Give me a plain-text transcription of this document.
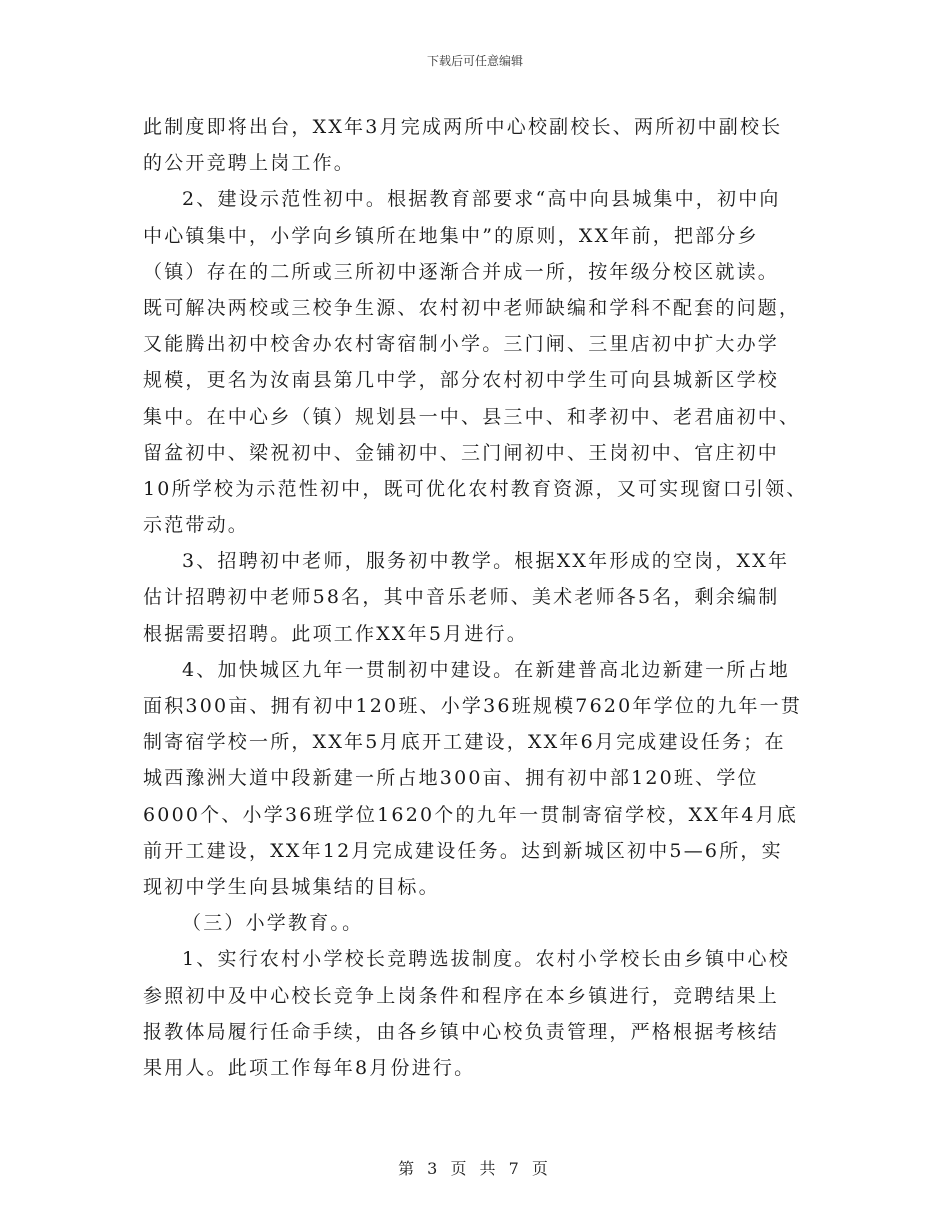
下载后可任意编辑
此制度即将出台，XX年3月完成两所中心校副校长、两所初中副校长
的公开竞聘上岗工作。
2、建设示范性初中。根据教育部要求“高中向县城集中，初中向
中心镇集中，小学向乡镇所在地集中”的原则，XX年前，把部分乡
（镇）存在的二所或三所初中逐渐合并成一所，按年级分校区就读。
既可解决两校或三校争生源、农村初中老师缺编和学科不配套的问题，
又能腾出初中校舍办农村寄宿制小学。三门闸、三里店初中扩大办学
规模，更名为汝南县第几中学，部分农村初中学生可向县城新区学校
集中。在中心乡（镇）规划县一中、县三中、和孝初中、老君庙初中、
留盆初中、梁祝初中、金铺初中、三门闸初中、王岗初中、官庄初中
10所学校为示范性初中，既可优化农村教育资源，又可实现窗口引领、
示范带动。
3、招聘初中老师，服务初中教学。根据XX年形成的空岗，XX年
估计招聘初中老师58名，其中音乐老师、美术老师各5名，剩余编制
根据需要招聘。此项工作XX年5月进行。
4、加快城区九年一贯制初中建设。在新建普高北边新建一所占地
面积300亩、拥有初中120班、小学36班规模7620年学位的九年一贯
制寄宿学校一所，XX年5月底开工建设，XX年6月完成建设任务；在
城西豫洲大道中段新建一所占地300亩、拥有初中部120班、学位
6000个、小学36班学位1620个的九年一贯制寄宿学校，XX年4月底
前开工建设，XX年12月完成建设任务。达到新城区初中5—6所，实
现初中学生向县城集结的目标。
（三）小学教育。。
1、实行农村小学校长竞聘选拔制度。农村小学校长由乡镇中心校
参照初中及中心校长竞争上岗条件和程序在本乡镇进行，竞聘结果上
报教体局履行任命手续，由各乡镇中心校负责管理，严格根据考核结
果用人。此项工作每年8月份进行。
第 3 页 共 7 页
